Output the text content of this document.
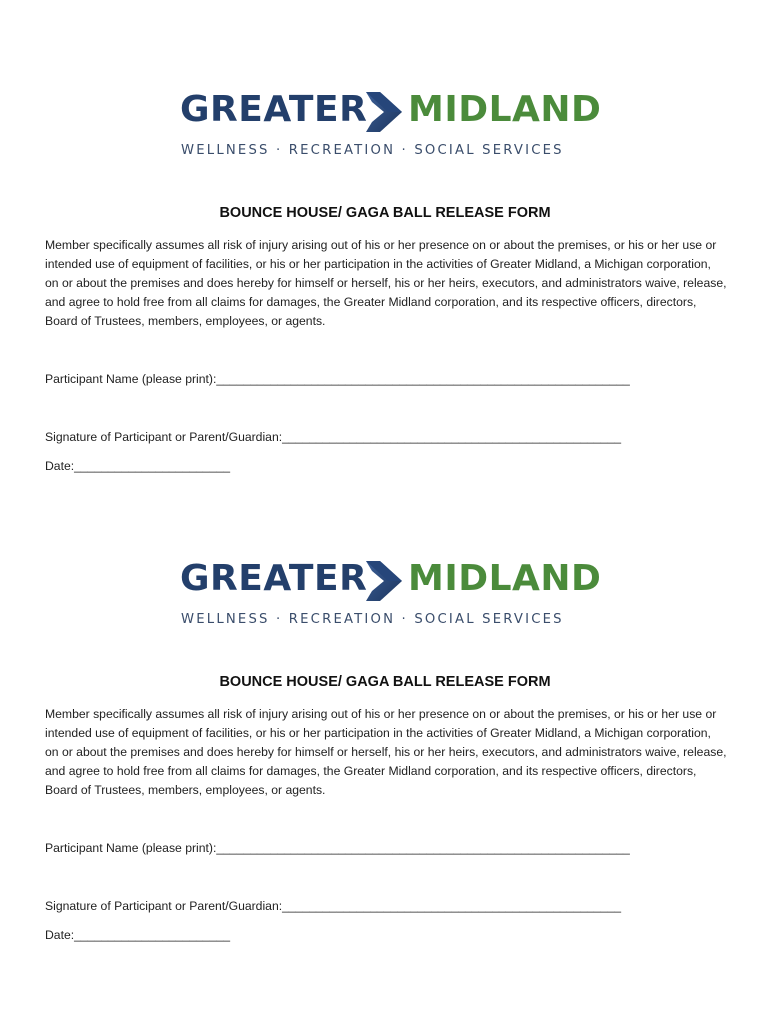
GREATER MIDLAND
WELLNESS · RECREATION · SOCIAL SERVICES
BOUNCE HOUSE/ GAGA BALL RELEASE FORM

Member specifically assumes all risk of injury arising out of his or her presence on or about the premises, or his or her use or intended use of equipment of facilities, or his or her participation in the activities of Greater Midland, a Michigan corporation, on or about the premises and does hereby for himself or herself, his or her heirs, executors, and administrators waive, release, and agree to hold free from all claims for damages, the Greater Midland corporation, and its respective officers, directors, Board of Trustees, members, employees, or agents.

Participant Name (please print):_____________________________________________________________
Signature of Participant or Parent/Guardian:__________________________________________________
Date:_______________________
GREATER MIDLAND
WELLNESS · RECREATION · SOCIAL SERVICES
BOUNCE HOUSE/ GAGA BALL RELEASE FORM

Member specifically assumes all risk of injury arising out of his or her presence on or about the premises, or his or her use or intended use of equipment of facilities, or his or her participation in the activities of Greater Midland, a Michigan corporation, on or about the premises and does hereby for himself or herself, his or her heirs, executors, and administrators waive, release, and agree to hold free from all claims for damages, the Greater Midland corporation, and its respective officers, directors, Board of Trustees, members, employees, or agents.

Participant Name (please print):_____________________________________________________________
Signature of Participant or Parent/Guardian:__________________________________________________
Date:_______________________
